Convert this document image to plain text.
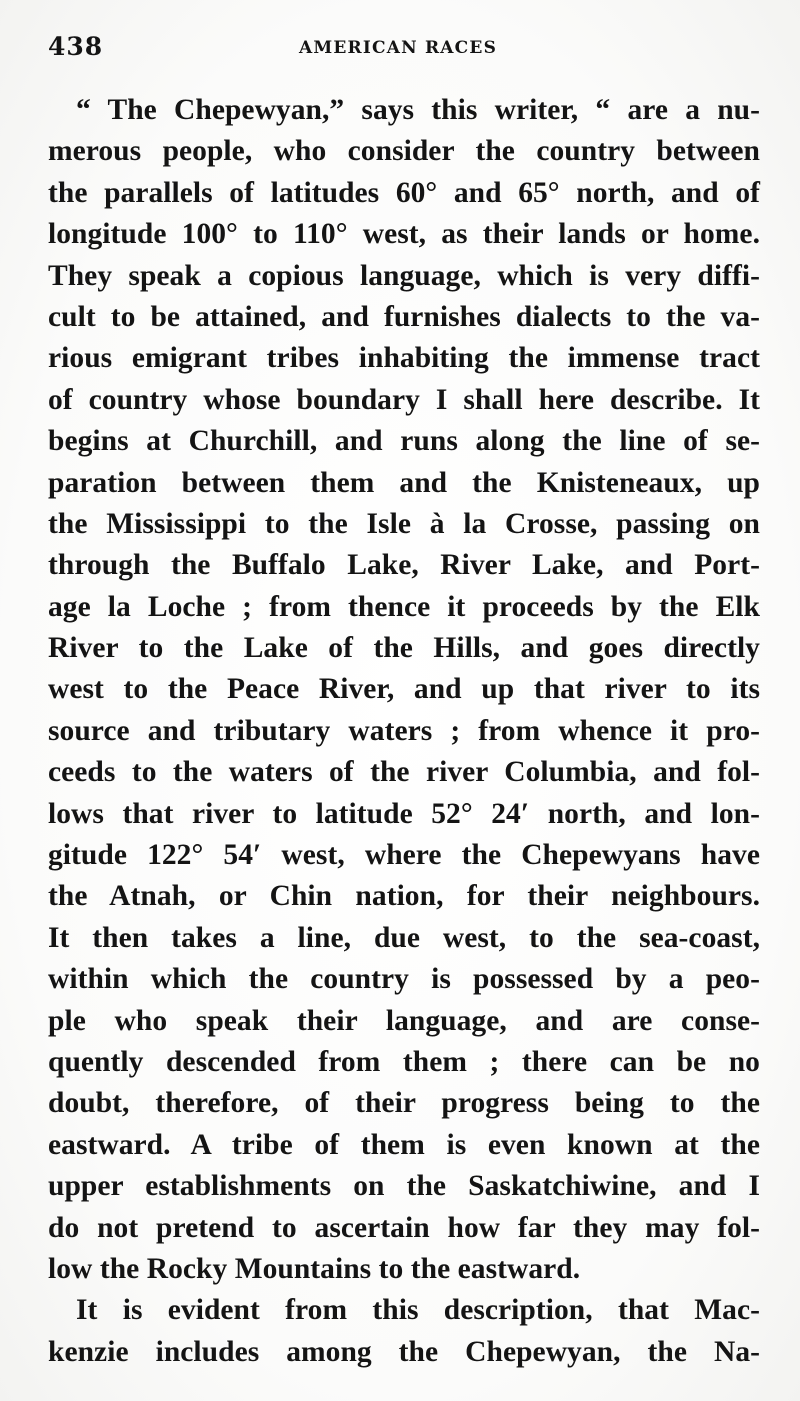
438	AMERICAN RACES
“ The Chepewyan,” says this writer, “ are a nu-
merous people, who consider the country between
the parallels of latitudes 60° and 65° north, and of
longitude 100° to 110° west, as their lands or home.
They speak a copious language, which is very diffi-
cult to be attained, and furnishes dialects to the va-
rious emigrant tribes inhabiting the immense tract
of country whose boundary I shall here describe. It
begins at Churchill, and runs along the line of se-
paration between them and the Knisteneaux, up
the Mississippi to the Isle à la Crosse, passing on
through the Buffalo Lake, River Lake, and Port-
age la Loche ; from thence it proceeds by the Elk
River to the Lake of the Hills, and goes directly
west to the Peace River, and up that river to its
source and tributary waters ; from whence it pro-
ceeds to the waters of the river Columbia, and fol-
lows that river to latitude 52° 24′ north, and lon-
gitude 122° 54′ west, where the Chepewyans have
the Atnah, or Chin nation, for their neighbours.
It then takes a line, due west, to the sea-coast,
within which the country is possessed by a peo-
ple who speak their language, and are conse-
quently descended from them ; there can be no
doubt, therefore, of their progress being to the
eastward. A tribe of them is even known at the
upper establishments on the Saskatchiwine, and I
do not pretend to ascertain how far they may fol-
low the Rocky Mountains to the eastward.
It is evident from this description, that Mac-
kenzie includes among the Chepewyan, the Na-
